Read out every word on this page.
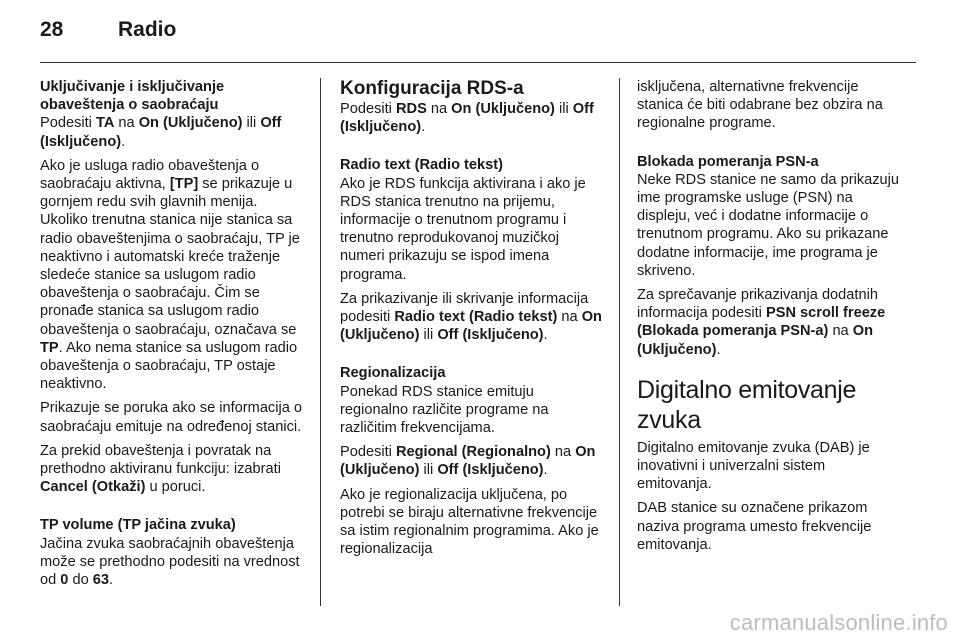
28	Radio
Uključivanje i isključivanje obaveštenja o saobraćaju

Podesiti TA na On (Uključeno) ili Off (Isključeno).

Ako je usluga radio obaveštenja o saobraćaju aktivna, [TP] se prikazuje u gornjem redu svih glavnih menija. Ukoliko trenutna stanica nije stanica sa radio obaveštenjima o saobraćaju, TP je neaktivno i automatski kreće traženje sledeće stanice sa uslugom radio obaveštenja o saobraćaju. Čim se pronađe stanica sa uslugom radio obaveštenja o saobraćaju, označava se TP. Ako nema stanice sa uslugom radio obaveštenja o saobraćaju, TP ostaje neaktivno.

Prikazuje se poruka ako se informacija o saobraćaju emituje na određenoj stanici.

Za prekid obaveštenja i povratak na prethodno aktiviranu funkciju: izabrati Cancel (Otkaži) u poruci.

TP volume (TP jačina zvuka)

Jačina zvuka saobraćajnih obaveštenja može se prethodno podesiti na vrednost od 0 do 63.

Konfiguracija RDS-a

Podesiti RDS na On (Uključeno) ili Off (Isključeno).

Radio text (Radio tekst)

Ako je RDS funkcija aktivirana i ako je RDS stanica trenutno na prijemu, informacije o trenutnom programu i trenutno reprodukovanoj muzičkoj numeri prikazuju se ispod imena programa.

Za prikazivanje ili skrivanje informacija podesiti Radio text (Radio tekst) na On (Uključeno) ili Off (Isključeno).

Regionalizacija

Ponekad RDS stanice emituju regionalno različite programe na različitim frekvencijama.

Podesiti Regional (Regionalno) na On (Uključeno) ili Off (Isključeno).

Ako je regionalizacija uključena, po potrebi se biraju alternativne frekvencije sa istim regionalnim programima. Ako je regionalizacija

isključena, alternativne frekvencije stanica će biti odabrane bez obzira na regionalne programe.

Blokada pomeranja PSN-a

Neke RDS stanice ne samo da prikazuju ime programske usluge (PSN) na displeju, već i dodatne informacije o trenutnom programu. Ako su prikazane dodatne informacije, ime programa je skriveno.

Za sprečavanje prikazivanja dodatnih informacija podesiti PSN scroll freeze (Blokada pomeranja PSN-a) na On (Uključeno).

Digitalno emitovanje zvuka

Digitalno emitovanje zvuka (DAB) je inovativni i univerzalni sistem emitovanja.

DAB stanice su označene prikazom naziva programa umesto frekvencije emitovanja.

carmanualsonline.info
